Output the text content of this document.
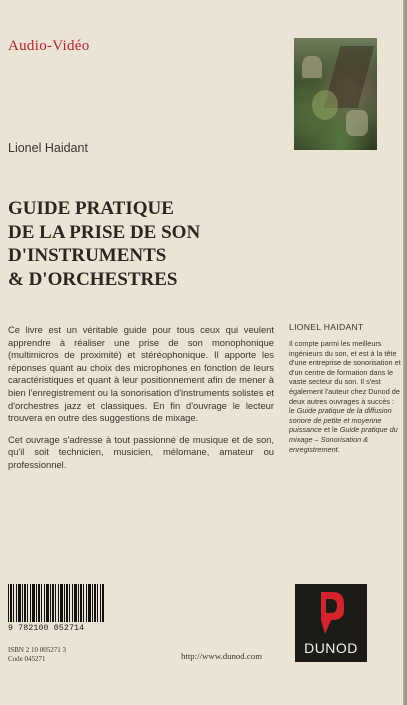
Audio-Vidéo
Lionel Haidant
GUIDE PRATIQUE
DE LA PRISE DE SON
D'INSTRUMENTS
& D'ORCHESTRES

Ce livre est un véritable guide pour tous ceux qui veulent apprendre à réaliser une prise de son monophonique (multimicros de proximité) et stéréophonique. Il apporte les réponses quant au choix des microphones en fonction de leurs caractéristiques et quant à leur positionnement afin de mener à bien l'enregistrement ou la sonorisation d'instruments solistes et d'orchestres jazz et classiques. En fin d'ouvrage le lecteur trouvera en outre des suggestions de mixage.

Cet ouvrage s'adresse à tout passionné de musique et de son, qu'il soit technicien, musicien, mélomane, amateur ou professionnel.

LIONEL HAIDANT
Il compte parmi les meilleurs ingénieurs du son, et est à la tête d'une entreprise de sonorisation et d'un centre de formation dans le vaste secteur du son. Il s'est également l'auteur chez Dunod de deux autres ouvrages à succès : le Guide pratique de la diffusion sonore de petite et moyenne puissance et le Guide pratique du mixage – Sonorisation & enregistrement.
9 782100 052714
ISBN 2 10 005271 3
Code 045271	http://www.dunod.com	DUNOD
